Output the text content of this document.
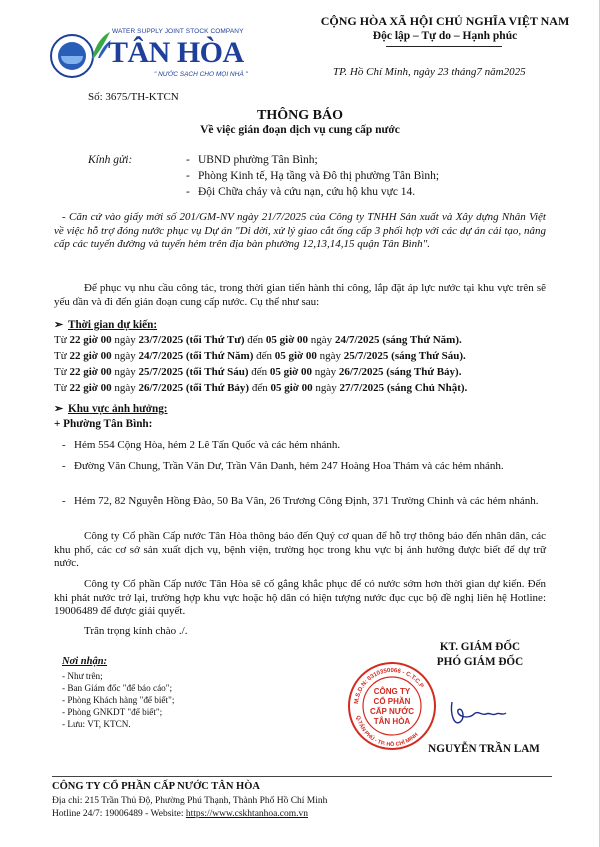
WATER SUPPLY JOINT STOCK COMPANY
TÂN HÒA
" NƯỚC SẠCH CHO MỌI NHÀ "
CỘNG HÒA XÃ HỘI CHỦ NGHĨA VIỆT NAM
Độc lập – Tự do – Hạnh phúc
TP. Hồ Chí Minh, ngày 23 tháng7 năm2025
Số: 3675/TH-KTCN
THÔNG BÁO
Về việc gián đoạn dịch vụ cung cấp nước
Kính gửi:	- UBND phường Tân Bình;
- Phòng Kinh tế, Hạ tầng và Đô thị phường Tân Bình;
- Đội Chữa cháy và cứu nạn, cứu hộ khu vực 14.
- Căn cứ vào giấy mời số 201/GM-NV ngày 21/7/2025 của Công ty TNHH Sản xuất và Xây dựng Nhân Việt về việc hỗ trợ đóng nước phục vụ Dự án "Di dời, xử lý giao cắt ống cấp 3 phối hợp với các dự án cải tạo, nâng cấp các tuyến đường và tuyến hẻm trên địa bàn phường 12,13,14,15 quận Tân Bình".
Để phục vụ nhu cầu công tác, trong thời gian tiến hành thi công, lắp đặt áp lực nước tại khu vực trên sẽ yếu dần và đi đến gián đoạn cung cấp nước. Cụ thể như sau:
➢ Thời gian dự kiến:
Từ 22 giờ 00 ngày 23/7/2025 (tối Thứ Tư) đến 05 giờ 00 ngày 24/7/2025 (sáng Thứ Năm).
Từ 22 giờ 00 ngày 24/7/2025 (tối Thứ Năm) đến 05 giờ 00 ngày 25/7/2025 (sáng Thứ Sáu).
Từ 22 giờ 00 ngày 25/7/2025 (tối Thứ Sáu) đến 05 giờ 00 ngày 26/7/2025 (sáng Thứ Bảy).
Từ 22 giờ 00 ngày 26/7/2025 (tối Thứ Bảy) đến 05 giờ 00 ngày 27/7/2025 (sáng Chủ Nhật).
➢ Khu vực ảnh hưởng:
+ Phường Tân Bình:
- Hẻm 554 Cộng Hòa, hẻm 2 Lê Tấn Quốc và các hẻm nhánh.
- Đường Văn Chung, Trần Văn Dư, Trần Văn Danh, hẻm 247 Hoàng Hoa Thám và các hẻm nhánh.
- Hẻm 72, 82 Nguyễn Hồng Đào, 50 Ba Vân, 26 Trương Công Định, 371 Trường Chinh và các hẻm nhánh.
Công ty Cổ phần Cấp nước Tân Hòa thông báo đến Quý cơ quan để hỗ trợ thông báo đến nhân dân, các khu phố, các cơ sở sản xuất dịch vụ, bệnh viện, trường học trong khu vực bị ảnh hưởng được biết để dự trữ nước.
Công ty Cổ phần Cấp nước Tân Hòa sẽ cố gắng khắc phục để có nước sớm hơn thời gian dự kiến. Đến khi phát nước trở lại, trường hợp khu vực hoặc hộ dân có hiện tượng nước đục cục bộ đề nghị liên hệ Hotline: 19006489 để được giải quyết.
Trân trọng kính chào ./.
KT. GIÁM ĐỐC
PHÓ GIÁM ĐỐC
M.S.D.N: 0310350066 - C.T.C.P
Q.TÂN PHÚ - TP. HỒ CHÍ MINH
CÔNG TY
CỔ PHẦN
CẤP NƯỚC
TÂN HÒA
NGUYỄN TRẦN LAM
Nơi nhận:
- Như trên;
- Ban Giám đốc "để báo cáo";
- Phòng Khách hàng "để biết";
- Phòng GNKDT "để biết";
- Lưu: VT, KTCN.
CÔNG TY CỔ PHẦN CẤP NƯỚC TÂN HÒA
Địa chỉ: 215 Trần Thủ Độ, Phường Phú Thạnh, Thành Phố Hồ Chí Minh
Hotline 24/7: 19006489 - Website: https://www.cskhtanhoa.com.vn
